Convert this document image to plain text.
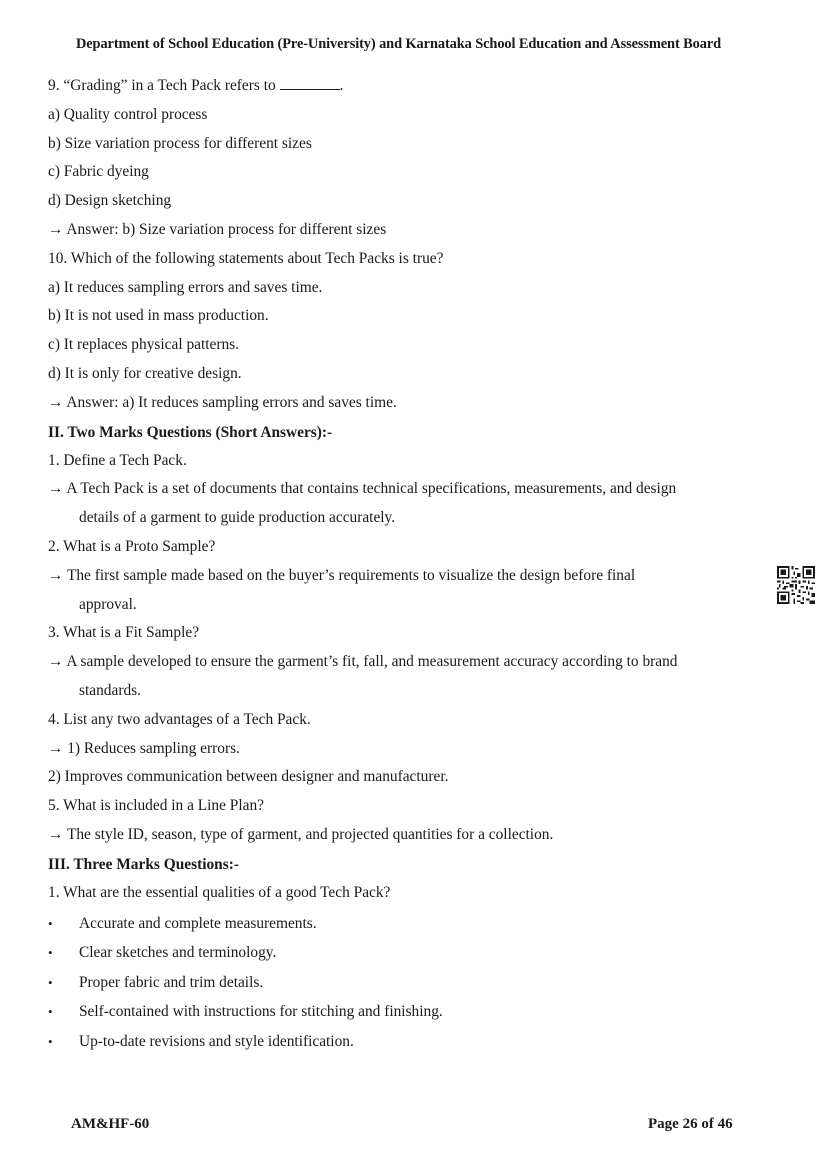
Department of School Education (Pre-University) and Karnataka School Education and Assessment Board
9. “Grading” in a Tech Pack refers to	.
a) Quality control process
b) Size variation process for different sizes
c) Fabric dyeing
d) Design sketching
→ Answer: b) Size variation process for different sizes
10. Which of the following statements about Tech Packs is true?
a) It reduces sampling errors and saves time.
b) It is not used in mass production.
c) It replaces physical patterns.
d) It is only for creative design.
→ Answer: a) It reduces sampling errors and saves time.
II. Two Marks Questions (Short Answers):-
1. Define a Tech Pack.
→ A Tech Pack is a set of documents that contains technical specifications, measurements, and design
details of a garment to guide production accurately.
2. What is a Proto Sample?
→ The first sample made based on the buyer’s requirements to visualize the design before final
approval.
3. What is a Fit Sample?
→ A sample developed to ensure the garment’s fit, fall, and measurement accuracy according to brand
standards.
4. List any two advantages of a Tech Pack.
→ 1) Reduces sampling errors.
2) Improves communication between designer and manufacturer.
5. What is included in a Line Plan?
→ The style ID, season, type of garment, and projected quantities for a collection.
III. Three Marks Questions:-
1. What are the essential qualities of a good Tech Pack?
• Accurate and complete measurements.
• Clear sketches and terminology.
• Proper fabric and trim details.
• Self-contained with instructions for stitching and finishing.
• Up-to-date revisions and style identification.
AM&HF-60	Page 26 of 46
